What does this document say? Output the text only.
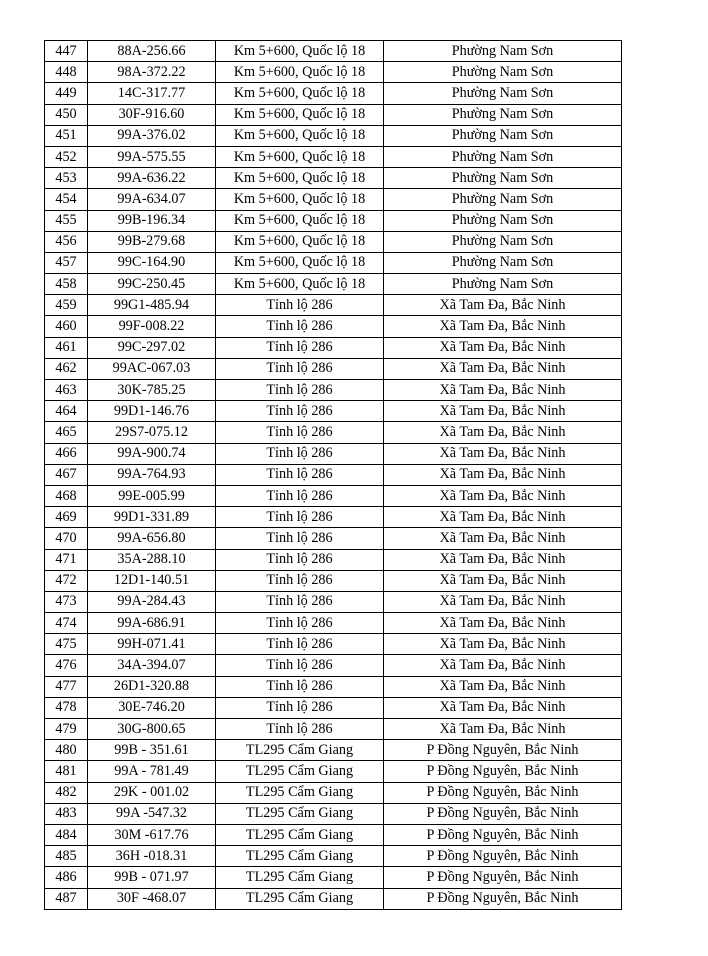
447	88A-256.66	Km 5+600, Quốc lộ 18	Phường Nam Sơn
448	98A-372.22	Km 5+600, Quốc lộ 18	Phường Nam Sơn
449	14C-317.77	Km 5+600, Quốc lộ 18	Phường Nam Sơn
450	30F-916.60	Km 5+600, Quốc lộ 18	Phường Nam Sơn
451	99A-376.02	Km 5+600, Quốc lộ 18	Phường Nam Sơn
452	99A-575.55	Km 5+600, Quốc lộ 18	Phường Nam Sơn
453	99A-636.22	Km 5+600, Quốc lộ 18	Phường Nam Sơn
454	99A-634.07	Km 5+600, Quốc lộ 18	Phường Nam Sơn
455	99B-196.34	Km 5+600, Quốc lộ 18	Phường Nam Sơn
456	99B-279.68	Km 5+600, Quốc lộ 18	Phường Nam Sơn
457	99C-164.90	Km 5+600, Quốc lộ 18	Phường Nam Sơn
458	99C-250.45	Km 5+600, Quốc lộ 18	Phường Nam Sơn
459	99G1-485.94	Tỉnh lộ 286	Xã Tam Đa, Bắc Ninh
460	99F-008.22	Tỉnh lộ 286	Xã Tam Đa, Bắc Ninh
461	99C-297.02	Tỉnh lộ 286	Xã Tam Đa, Bắc Ninh
462	99AC-067.03	Tỉnh lộ 286	Xã Tam Đa, Bắc Ninh
463	30K-785.25	Tỉnh lộ 286	Xã Tam Đa, Bắc Ninh
464	99D1-146.76	Tỉnh lộ 286	Xã Tam Đa, Bắc Ninh
465	29S7-075.12	Tỉnh lộ 286	Xã Tam Đa, Bắc Ninh
466	99A-900.74	Tỉnh lộ 286	Xã Tam Đa, Bắc Ninh
467	99A-764.93	Tỉnh lộ 286	Xã Tam Đa, Bắc Ninh
468	99E-005.99	Tỉnh lộ 286	Xã Tam Đa, Bắc Ninh
469	99D1-331.89	Tỉnh lộ 286	Xã Tam Đa, Bắc Ninh
470	99A-656.80	Tỉnh lộ 286	Xã Tam Đa, Bắc Ninh
471	35A-288.10	Tỉnh lộ 286	Xã Tam Đa, Bắc Ninh
472	12D1-140.51	Tỉnh lộ 286	Xã Tam Đa, Bắc Ninh
473	99A-284.43	Tỉnh lộ 286	Xã Tam Đa, Bắc Ninh
474	99A-686.91	Tỉnh lộ 286	Xã Tam Đa, Bắc Ninh
475	99H-071.41	Tỉnh lộ 286	Xã Tam Đa, Bắc Ninh
476	34A-394.07	Tỉnh lộ 286	Xã Tam Đa, Bắc Ninh
477	26D1-320.88	Tỉnh lộ 286	Xã Tam Đa, Bắc Ninh
478	30E-746.20	Tỉnh lộ 286	Xã Tam Đa, Bắc Ninh
479	30G-800.65	Tỉnh lộ 286	Xã Tam Đa, Bắc Ninh
480	99B - 351.61	TL295 Cẩm Giang	P Đồng Nguyên, Bắc Ninh
481	99A - 781.49	TL295 Cẩm Giang	P Đồng Nguyên, Bắc Ninh
482	29K - 001.02	TL295 Cẩm Giang	P Đồng Nguyên, Bắc Ninh
483	99A -547.32	TL295 Cẩm Giang	P Đồng Nguyên, Bắc Ninh
484	30M -617.76	TL295 Cẩm Giang	P Đồng Nguyên, Bắc Ninh
485	36H -018.31	TL295 Cẩm Giang	P Đồng Nguyên, Bắc Ninh
486	99B - 071.97	TL295 Cẩm Giang	P Đồng Nguyên, Bắc Ninh
487	30F -468.07	TL295 Cẩm Giang	P Đồng Nguyên, Bắc Ninh
